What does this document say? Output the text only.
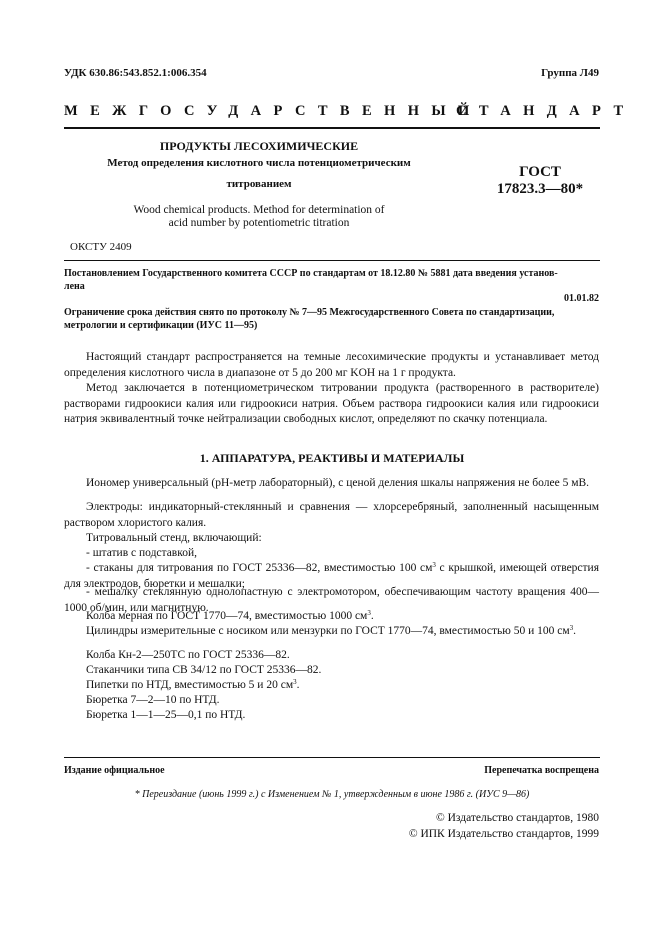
УДК 630.86:543.852.1:006.354	Группа Л49
МЕЖГОСУДАРСТВЕННЫЙ
СТАНДАРТ
ПРОДУКТЫ ЛЕСОХИМИЧЕСКИЕ
Метод определения кислотного числа потенциометрическим
титрованием
Wood chemical products. Method for determination of
acid number by potentiometric titration
ОКСТУ 2409
ГОСТ
17823.3—80*
Постановлением Государственного комитета СССР по стандартам от 18.12.80 № 5881 дата введения установ-
лена
01.01.82
Ограничение срока действия снято по протоколу № 7—95 Межгосударственного Совета по стандартизации,
метрологии и сертификации (ИУС 11—95)
Настоящий стандарт распространяется на темные лесохимические продукты и устанавливает метод определения кислотного числа в диапазоне от 5 до 200 мг KOH на 1 г продукта.
Метод заключается в потенциометрическом титровании продукта (растворенного в растворителе) растворами гидроокиси калия или гидроокиси натрия. Объем раствора гидроокиси калия или гидроокиси натрия эквивалентный точке нейтрализации свободных кислот, определяют по скачку потенциала.
1. АППАРАТУРА, РЕАКТИВЫ И МАТЕРИАЛЫ
Иономер универсальный (рН-метр лабораторный), с ценой деления шкалы напряжения не более 5 мВ.
Электроды: индикаторный-стеклянный и сравнения — хлорсеребряный, заполненный насыщенным раствором хлористого калия.
Титровальный стенд, включающий:
- штатив с подставкой,
- стаканы для титрования по ГОСТ 25336—82, вместимостью 100 $см^3$ с крышкой, имеющей отверстия для электродов, бюретки и мешалки;
- мешалку стеклянную однолопастную с электромотором, обеспечивающим частоту вращения 400—1000 об/мин, или магнитную.
Колба мерная по ГОСТ 1770—74, вместимостью 1000 $см^3$.
Цилиндры измерительные с носиком или мензурки по ГОСТ 1770—74, вместимостью 50 и 100 $см^3$.
Колба Кн-2—250ТС по ГОСТ 25336—82.
Стаканчики типа СВ 34/12 по ГОСТ 25336—82.
Пипетки по НТД, вместимостью 5 и 20 $см^3$.
Бюретка 7—2—10 по НТД.
Бюретка 1—1—25—0,1 по НТД.
Издание официальное	Перепечатка воспрещена
* Переиздание (июнь 1999 г.) с Изменением № 1, утвержденным в июне 1986 г. (ИУС 9—86)
© Издательство стандартов, 1980
© ИПК Издательство стандартов, 1999
